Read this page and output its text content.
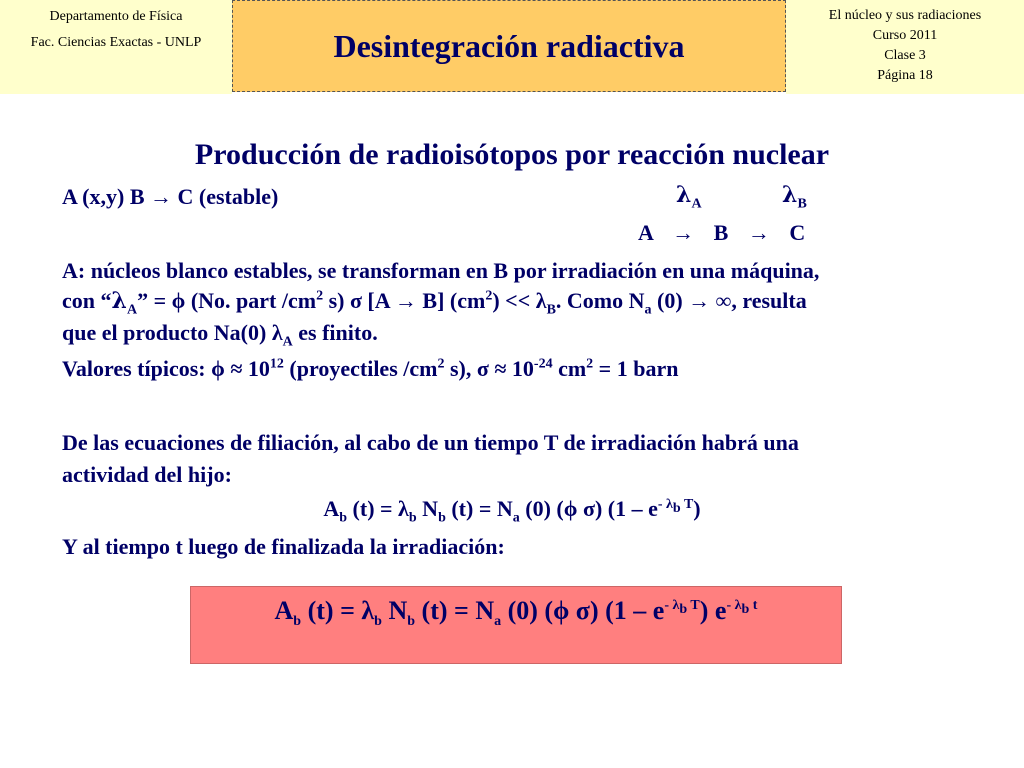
Departamento de Física
Fac. Ciencias Exactas - UNLP	Desintegración radiactiva
El núcleo y sus radiaciones
Curso 2011
Clase 3
Página 18
Producción de radioisótopos por reacción nuclear
A (x,y) B → C (estable)	$\lambda_A$	$\lambda_B$
A → B → C
A: núcleos blanco estables, se transforman en B por irradiación en una máquina,
con “$\lambda_A$” = ϕ (No. part $/cm^2$ s) σ [A → B] $(cm^2) << \lambda_B$. Como $N_a$ (0) → ∞, resulta
que el producto Na(0) $\lambda_A$ es finito.
Valores típicos: $\phi \approx 10^{12}$ (proyectiles $/cm^2$ s), $\sigma \approx 10^{-24}$ $cm^2 = 1$ barn
De las ecuaciones de filiación, al cabo de un tiempo T de irradiación habrá una
actividad del hijo:
$A_b$ $(t) = \lambda_b$ $N_b$ $(t) = N_a$ (0) (ϕ σ) $(1 - e^{- \lambda_b T})$
Y al tiempo t luego de finalizada la irradiación:
$A_b$ $(t) = \lambda_b$ $N_b$ $(t) = N_a$ (0) (ϕ σ) $(1 - e^{- \lambda_b T})$ $e^{- \lambda_b t}$
